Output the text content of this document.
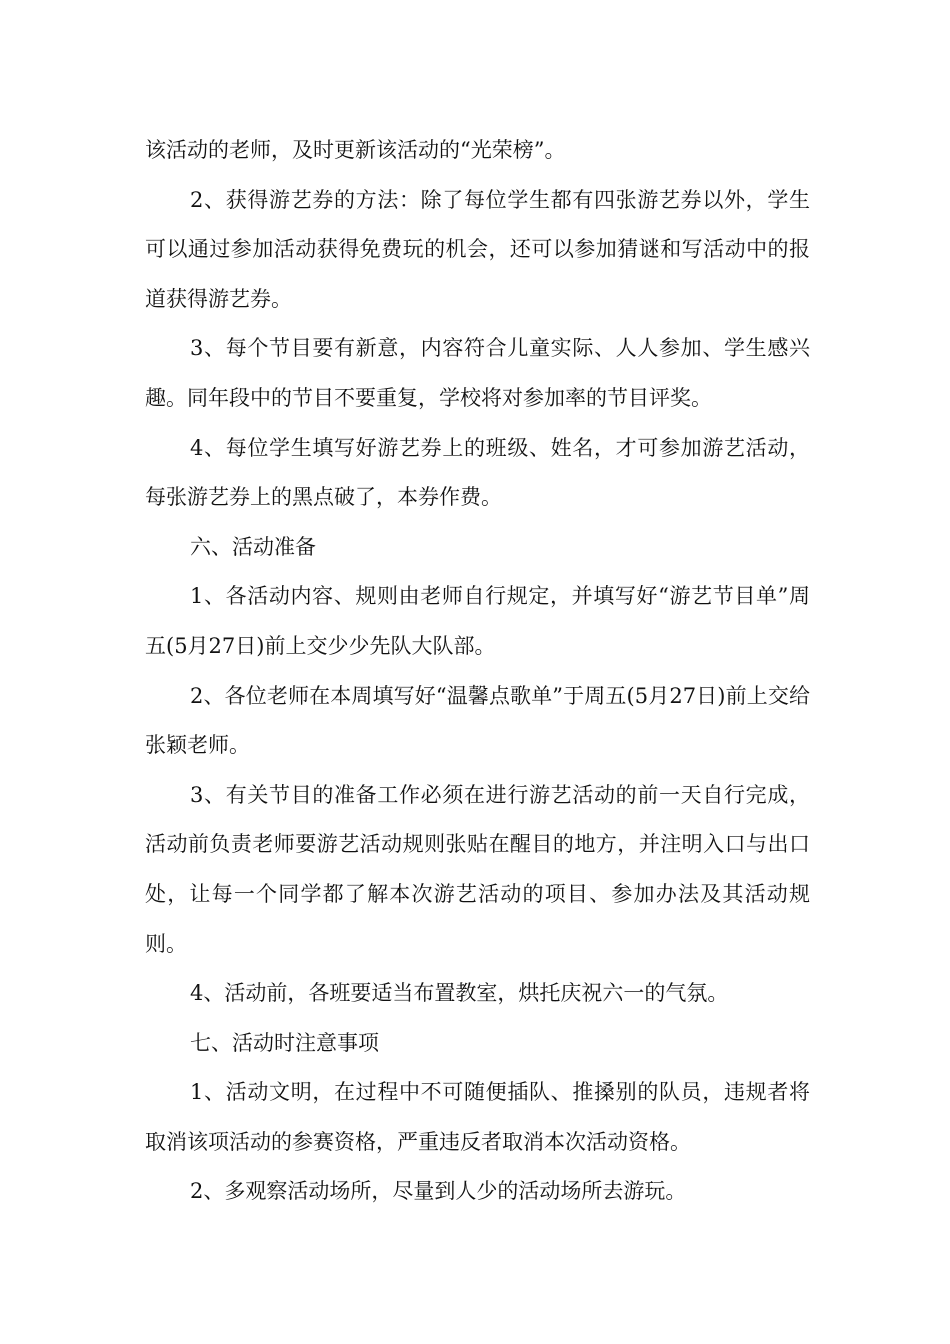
该活动的老师，及时更新该活动的“光荣榜”。

2、获得游艺券的方法：除了每位学生都有四张游艺券以外，学生可以通过参加活动获得免费玩的机会，还可以参加猜谜和写活动中的报道获得游艺券。

3、每个节目要有新意，内容符合儿童实际、人人参加、学生感兴趣。同年段中的节目不要重复，学校将对参加率的节目评奖。

4、每位学生填写好游艺券上的班级、姓名，才可参加游艺活动，每张游艺券上的黑点破了，本券作费。

六、活动准备

1、各活动内容、规则由老师自行规定，并填写好“游艺节目单”周五(5月27日)前上交少少先队大队部。

2、各位老师在本周填写好“温馨点歌单”于周五(5月27日)前上交给张颖老师。

3、有关节目的准备工作必须在进行游艺活动的前一天自行完成，活动前负责老师要游艺活动规则张贴在醒目的地方，并注明入口与出口处，让每一个同学都了解本次游艺活动的项目、参加办法及其活动规则。

4、活动前，各班要适当布置教室，烘托庆祝六一的气氛。

七、活动时注意事项

1、活动文明，在过程中不可随便插队、推搡别的队员，违规者将取消该项活动的参赛资格，严重违反者取消本次活动资格。

2、多观察活动场所，尽量到人少的活动场所去游玩。
